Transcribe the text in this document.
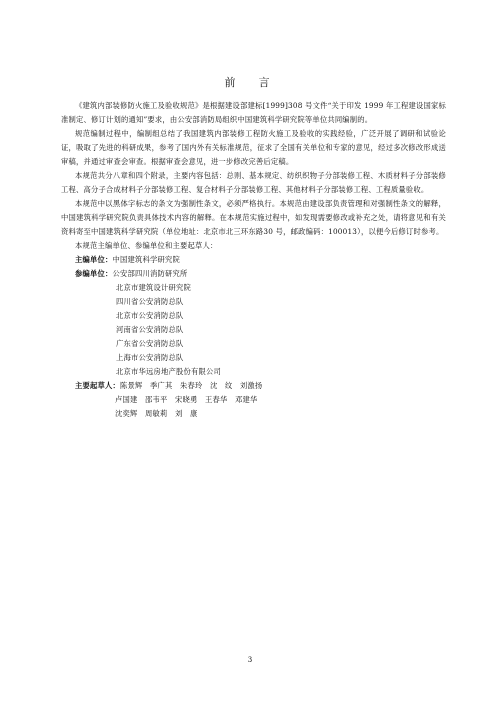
前　言

《建筑内部装修防火施工及验收规范》是根据建设部建标[1999]308 号文件“关于印发 1999 年工程建设国家标准制定、修订计划的通知”要求，由公安部消防局组织中国建筑科学研究院等单位共同编制的。

规范编制过程中，编制组总结了我国建筑内部装修工程防火施工及验收的实践经验，广泛开展了调研和试验论证，吸取了先进的科研成果，参考了国内外有关标准规范，征求了全国有关单位和专家的意见，经过多次修改形成送审稿，并通过审查会审查。根据审查会意见，进一步修改完善后定稿。

本规范共分八章和四个附录，主要内容包括：总则、基本规定、纺织织物子分部装修工程、木质材料子分部装修工程、高分子合成材料子分部装修工程、复合材料子分部装修工程、其他材料子分部装修工程、工程质量验收。

本规范中以黑体字标志的条文为强制性条文，必须严格执行。本规范由建设部负责管理和对强制性条文的解释，中国建筑科学研究院负责具体技术内容的解释。在本规范实施过程中，如发现需要修改或补充之处，请将意见和有关资料寄至中国建筑科学研究院（单位地址：北京市北三环东路30 号，邮政编码：100013），以便今后修订时参考。

本规范主编单位、参编单位和主要起草人：

主编单位：中国建筑科学研究院

参编单位：公安部四川消防研究所

北京市建筑设计研究院

四川省公安消防总队

北京市公安消防总队

河南省公安消防总队

广东省公安消防总队

上海市公安消防总队

北京市华远房地产股份有限公司

主要起草人：陈景辉　季广其　朱春玲　沈　纹　刘激扬

卢国建　邵韦平　宋晓勇　王春华　邓建华

沈奕辉　周敏莉　刘　康

3
